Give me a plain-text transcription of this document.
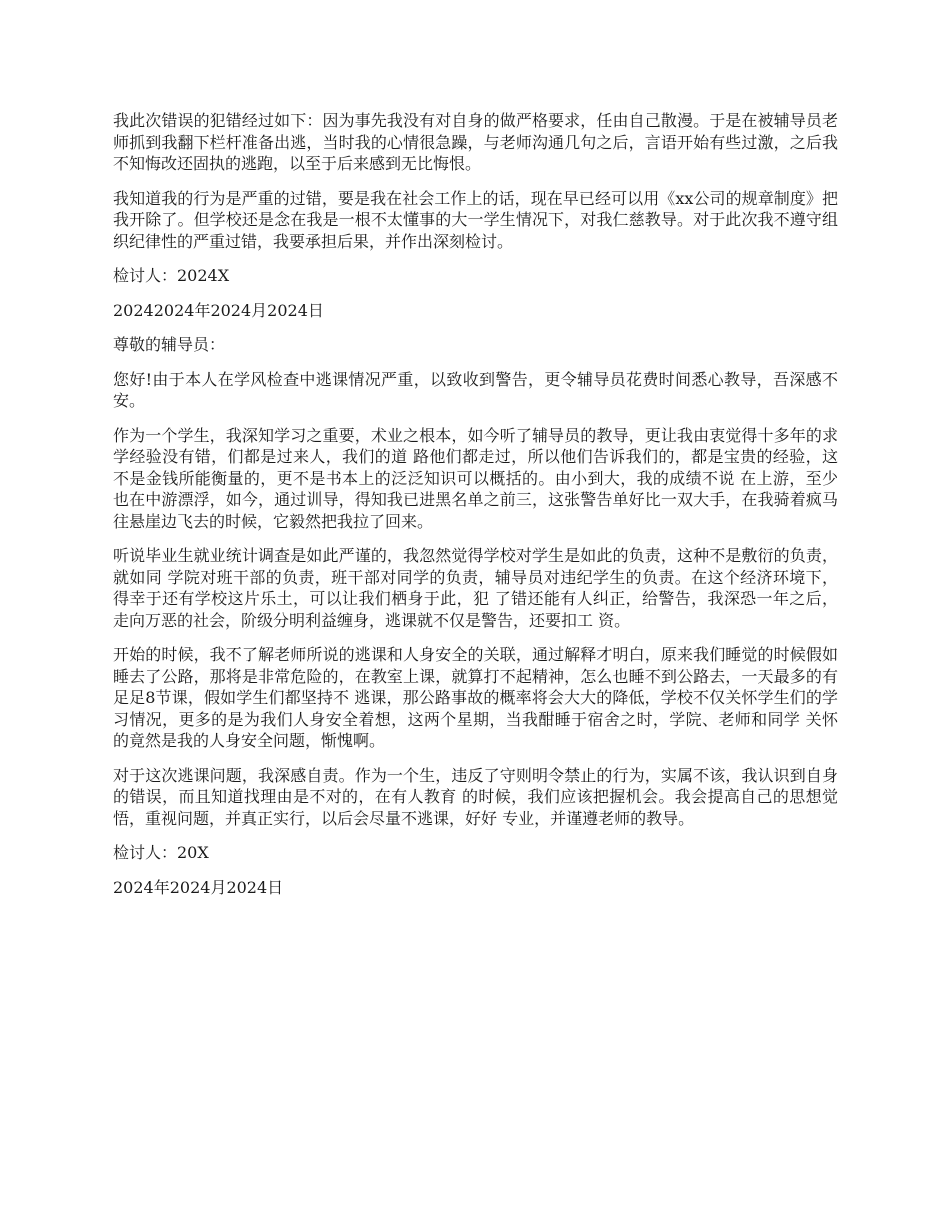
我此次错误的犯错经过如下：因为事先我没有对自身的做严格要求，任由自己散漫。于是在被辅导员老师抓到我翻下栏杆准备出逃，当时我的心情很急躁，与老师沟通几句之后，言语开始有些过激，之后我不知悔改还固执的逃跑，以至于后来感到无比悔恨。

我知道我的行为是严重的过错，要是我在社会工作上的话，现在早已经可以用《xx公司的规章制度》把我开除了。但学校还是念在我是一根不太懂事的大一学生情况下，对我仁慈教导。对于此次我不遵守组织纪律性的严重过错，我要承担后果，并作出深刻检讨。

检讨人：2024X

20242024年2024月2024日

尊敬的辅导员：

您好!由于本人在学风检查中逃课情况严重，以致收到警告，更令辅导员花费时间悉心教导，吾深感不安。

作为一个学生，我深知学习之重要，术业之根本，如今听了辅导员的教导，更让我由衷觉得十多年的求学经验没有错，们都是过来人，我们的道 路他们都走过，所以他们告诉我们的，都是宝贵的经验，这不是金钱所能衡量的，更不是书本上的泛泛知识可以概括的。由小到大，我的成绩不说 在上游，至少也在中游漂浮，如今，通过训导，得知我已进黑名单之前三，这张警告单好比一双大手，在我骑着疯马往悬崖边飞去的时候，它毅然把我拉了回来。

听说毕业生就业统计调查是如此严谨的，我忽然觉得学校对学生是如此的负责，这种不是敷衍的负责，就如同 学院对班干部的负责，班干部对同学的负责，辅导员对违纪学生的负责。在这个经济环境下，得幸于还有学校这片乐土，可以让我们栖身于此，犯 了错还能有人纠正，给警告，我深恐一年之后，走向万恶的社会，阶级分明利益缠身，逃课就不仅是警告，还要扣工 资。

开始的时候，我不了解老师所说的逃课和人身安全的关联，通过解释才明白，原来我们睡觉的时候假如睡去了公路，那将是非常危险的，在教室上课，就算打不起精神，怎么也睡不到公路去，一天最多的有足足8节课，假如学生们都坚持不 逃课，那公路事故的概率将会大大的降低，学校不仅关怀学生们的学习情况，更多的是为我们人身安全着想，这两个星期，当我酣睡于宿舍之时，学院、老师和同学 关怀的竟然是我的人身安全问题，惭愧啊。

对于这次逃课问题，我深感自责。作为一个生，违反了守则明令禁止的行为，实属不该，我认识到自身的错误，而且知道找理由是不对的，在有人教育 的时候，我们应该把握机会。我会提高自己的思想觉悟，重视问题，并真正实行，以后会尽量不逃课，好好 专业，并谨遵老师的教导。

检讨人：20X

2024年2024月2024日
